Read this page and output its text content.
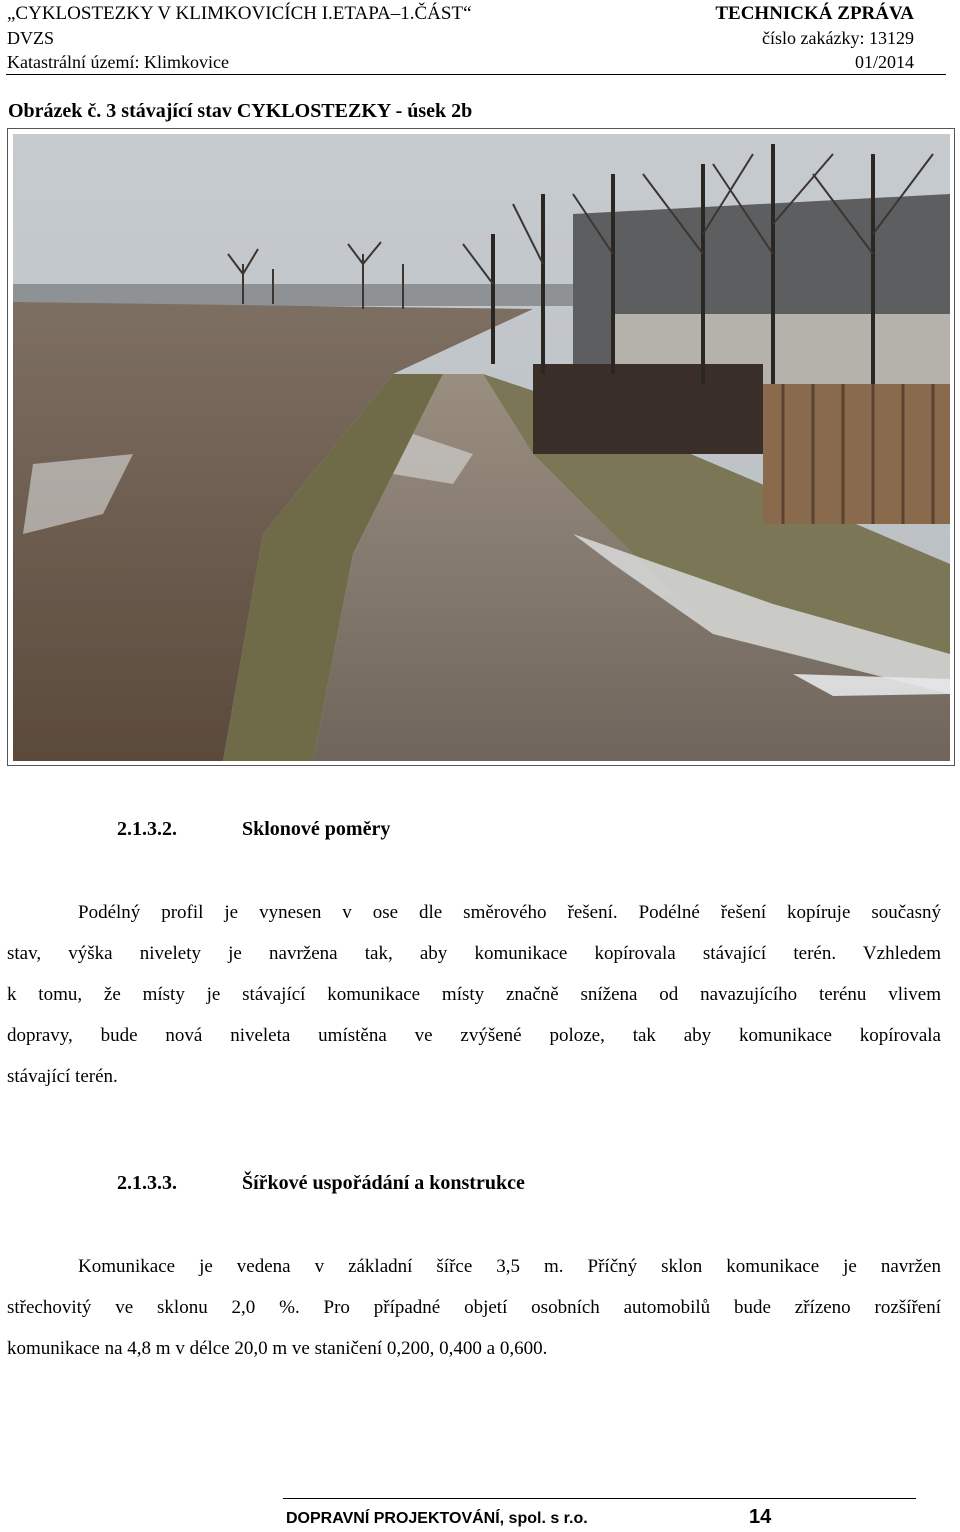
„CYKLOSTEZKY V KLIMKOVICÍCH I.ETAPA–1.ČÁST“	TECHNICKÁ ZPRÁVA
DVZS	číslo zakázky: 13129
Katastrální území: Klimkovice	01/2014
Obrázek č. 3 stávající stav CYKLOSTEZKY - úsek 2b
2.1.3.2.	Sklonové poměry
Podélný profil je vynesen v ose dle směrového řešení. Podélné řešení kopíruje současný
stav, výška nivelety je navržena tak, aby komunikace kopírovala stávající terén. Vzhledem
k tomu, že místy je stávající komunikace místy značně snížena od navazujícího terénu vlivem
dopravy, bude nová niveleta umístěna ve zvýšené poloze, tak aby komunikace kopírovala
stávající terén.
2.1.3.3.	Šířkové uspořádání a konstrukce
Komunikace je vedena v základní šířce 3,5 m. Příčný sklon komunikace je navržen
střechovitý ve sklonu 2,0 %. Pro případné objetí osobních automobilů bude zřízeno rozšíření
komunikace na 4,8 m v délce 20,0 m ve staničení 0,200, 0,400 a 0,600.
DOPRAVNÍ PROJEKTOVÁNÍ, spol. s r.o.	14
